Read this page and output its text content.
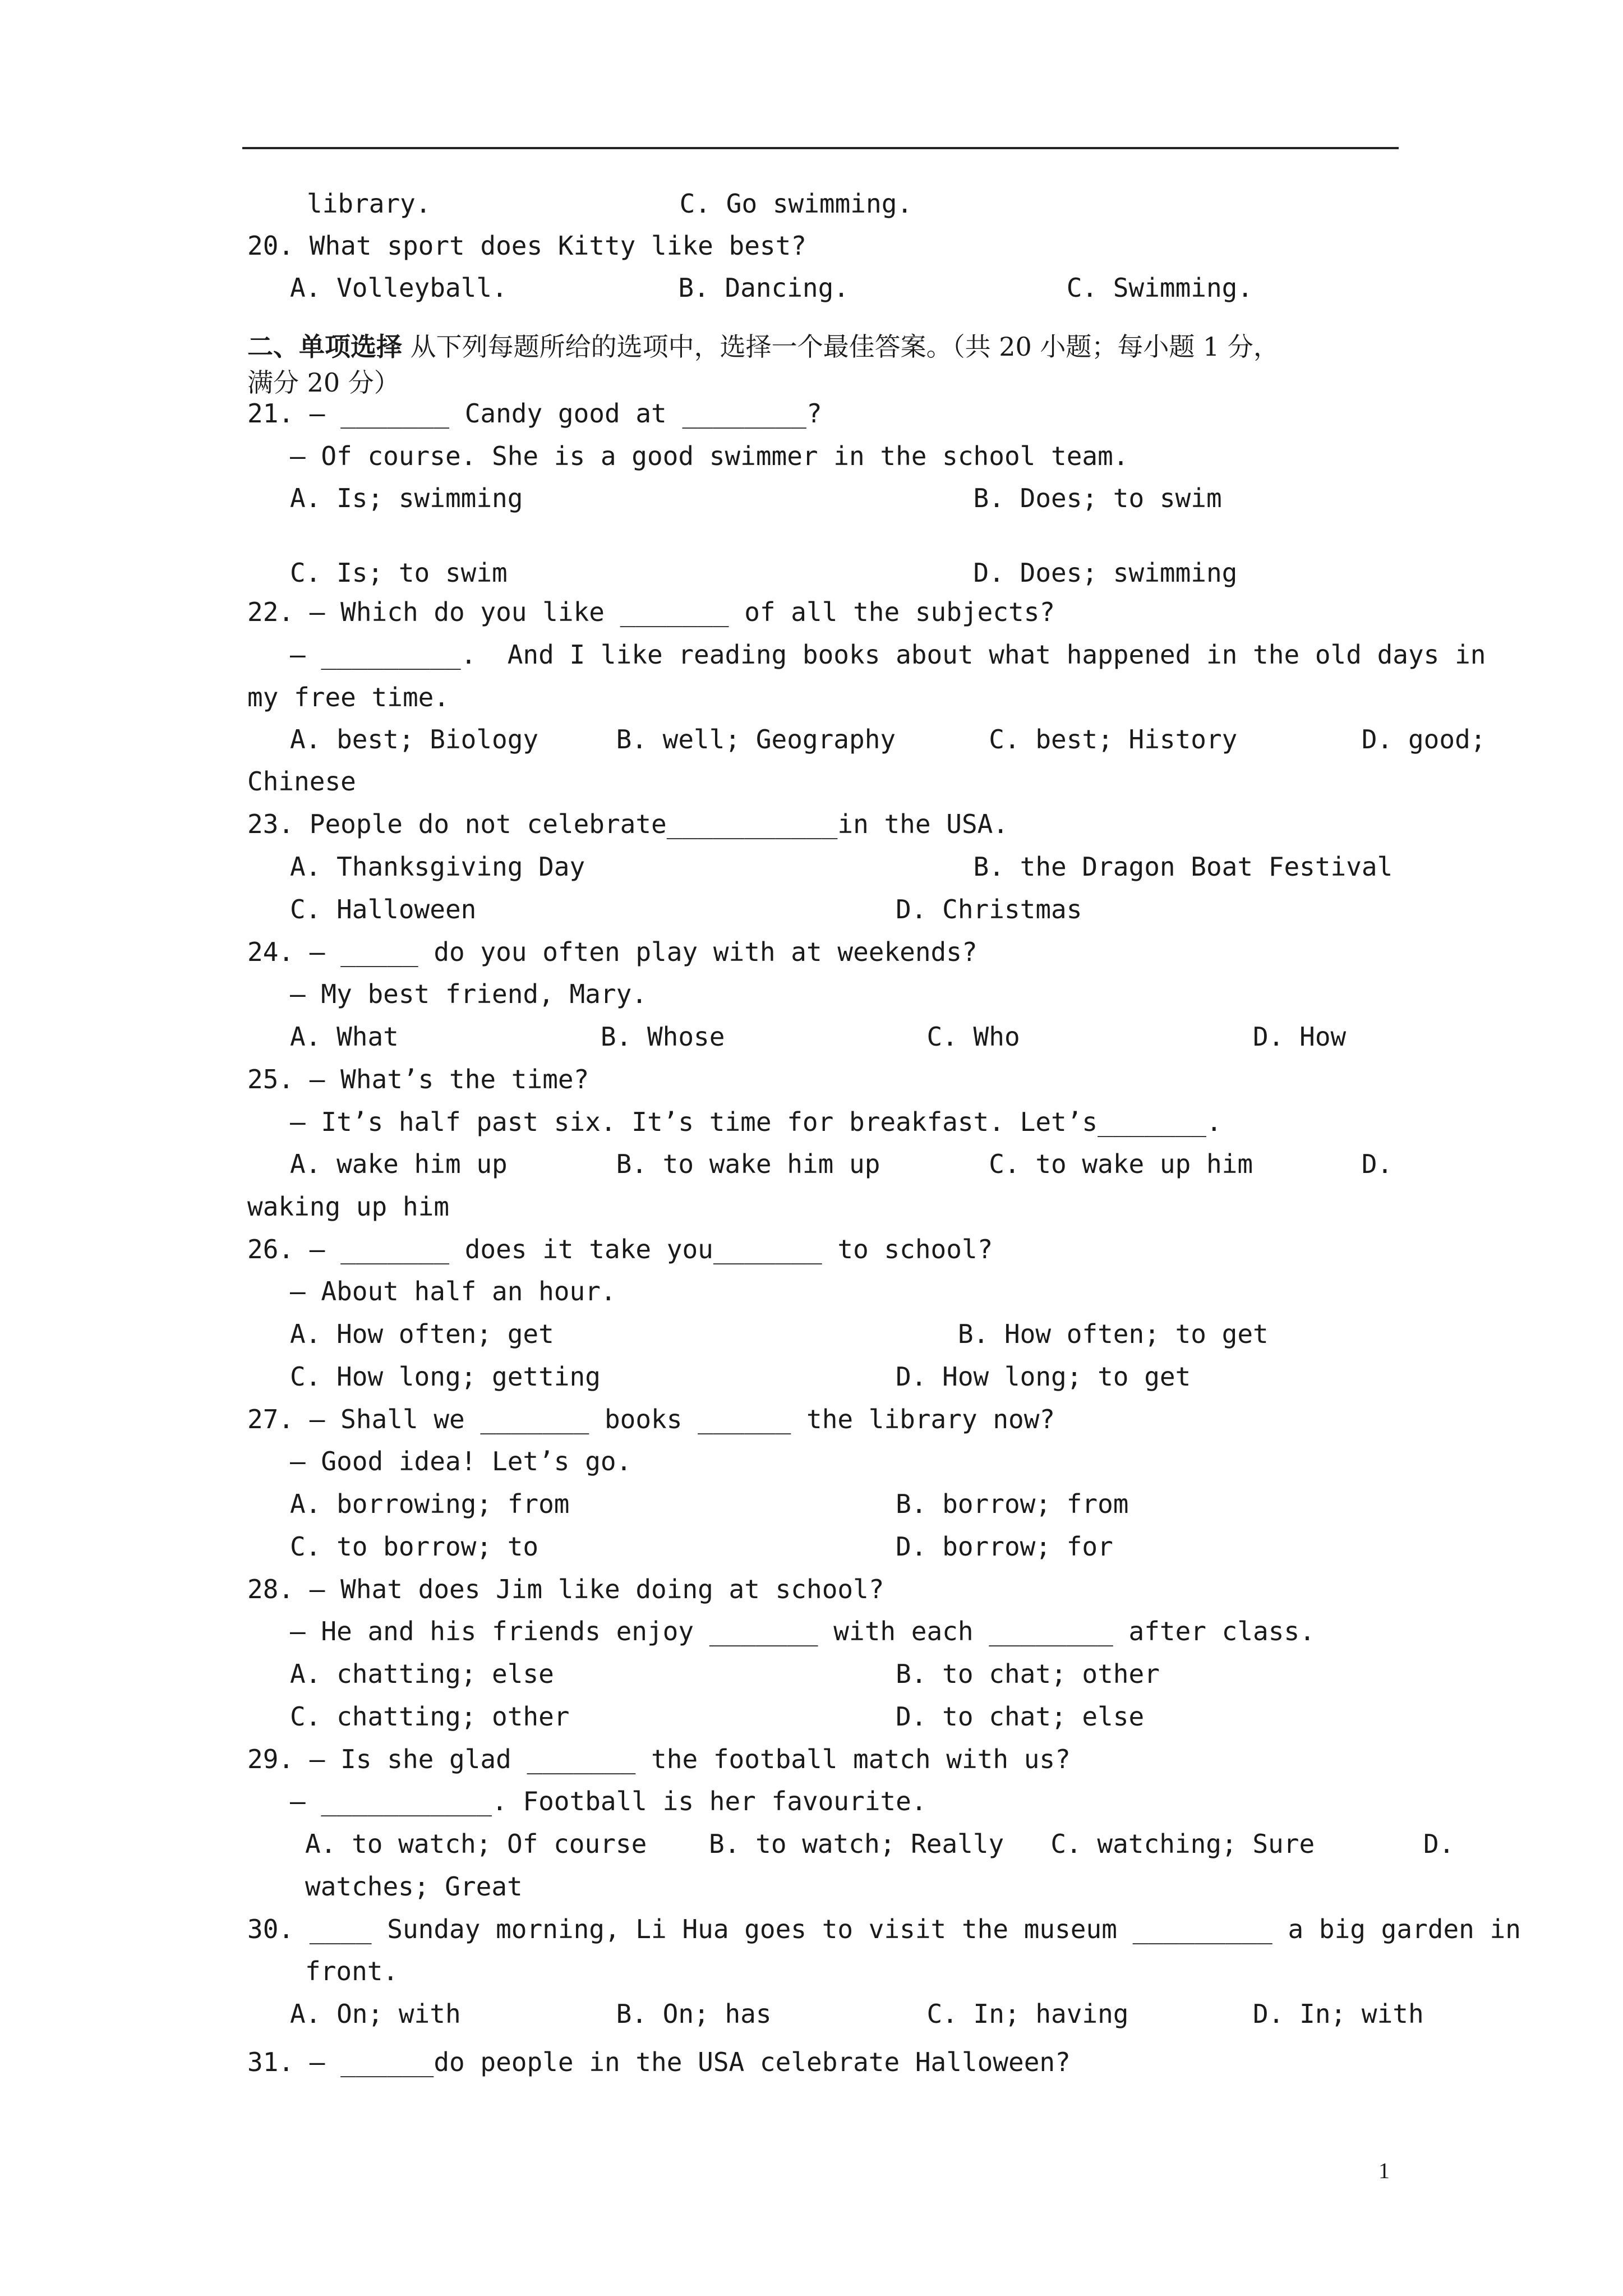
二、单项选择 从下列每题所给的选项中，选择一个最佳答案。（共 20 小题；每小题 1 分，
满分 20 分）
library.                C. Go swimming.
20. What sport does Kitty like best?
A. Volleyball.           B. Dancing.              C. Swimming.
21. – _______ Candy good at ________?
– Of course. She is a good swimmer in the school team.
A. Is; swimming                             B. Does; to swim
C. Is; to swim                              D. Does; swimming
22. – Which do you like _______ of all the subjects?
– _________.  And I like reading books about what happened in the old days in
my free time.
A. best; Biology     B. well; Geography      C. best; History        D. good;
Chinese
23. People do not celebrate___________in the USA.
A. Thanksgiving Day                         B. the Dragon Boat Festival
C. Halloween                           D. Christmas
24. – _____ do you often play with at weekends?
– My best friend, Mary.
A. What             B. Whose             C. Who               D. How
25. – What’s the time?
– It’s half past six. It’s time for breakfast. Let’s_______.
A. wake him up       B. to wake him up       C. to wake up him       D.
waking up him
26. – _______ does it take you_______ to school?
– About half an hour.
A. How often; get                          B. How often; to get
C. How long; getting                   D. How long; to get
27. – Shall we _______ books ______ the library now?
– Good idea! Let’s go.
A. borrowing; from                     B. borrow; from
C. to borrow; to                       D. borrow; for
28. – What does Jim like doing at school?
– He and his friends enjoy _______ with each ________ after class.
A. chatting; else                      B. to chat; other
C. chatting; other                     D. to chat; else
29. – Is she glad _______ the football match with us?
– ___________. Football is her favourite.
A. to watch; Of course    B. to watch; Really   C. watching; Sure       D.
watches; Great
30. ____ Sunday morning, Li Hua goes to visit the museum _________ a big garden in
front.
A. On; with          B. On; has          C. In; having        D. In; with
31. – ______do people in the USA celebrate Halloween?
1
